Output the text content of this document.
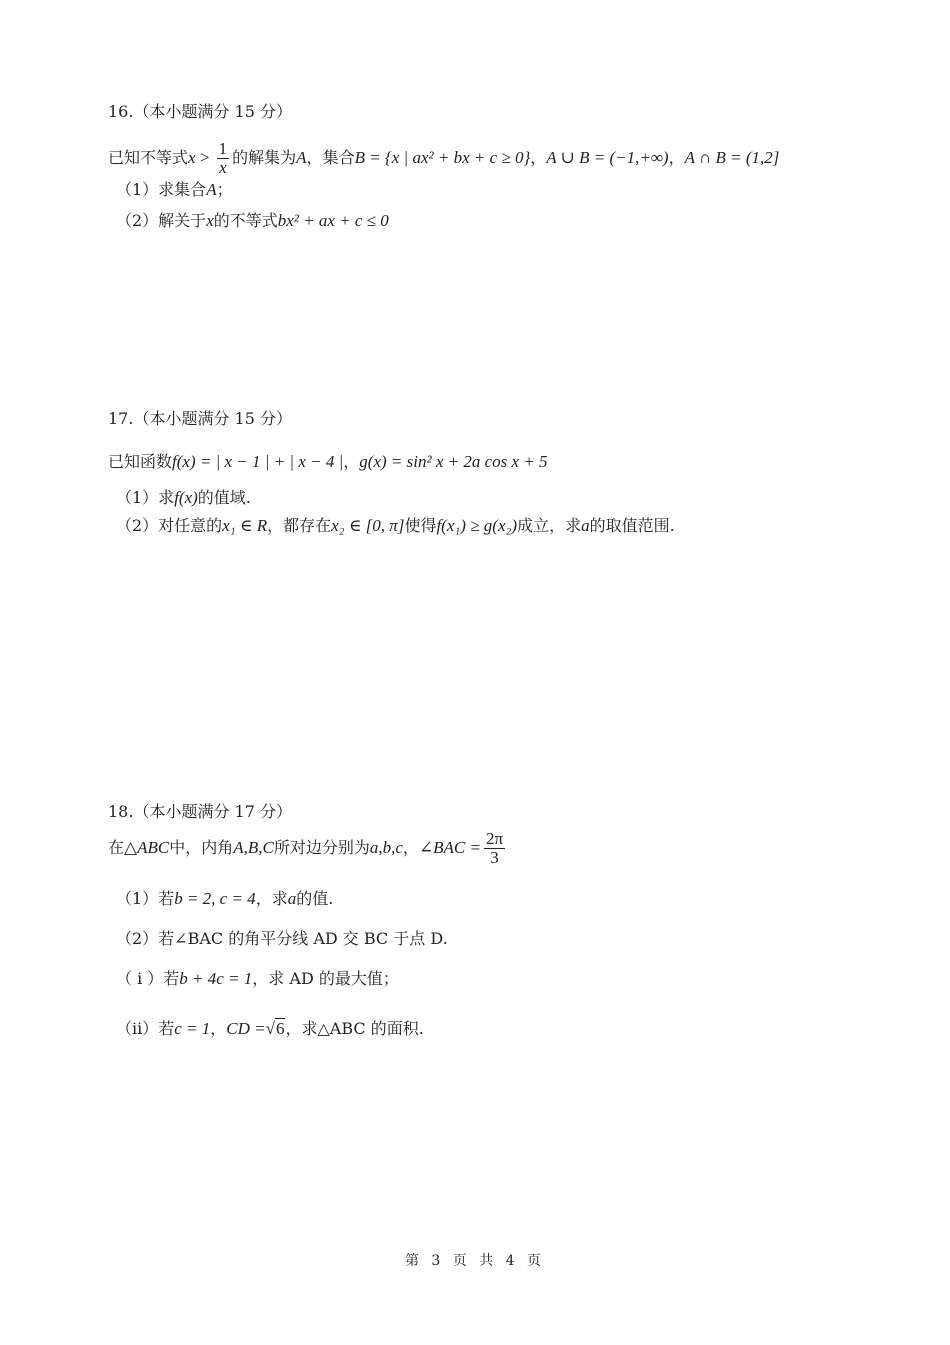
16.（本小题满分 15 分）
已知不等式$x > \frac{1}{x}$ 的解集为A，集合B = {x | ax² + bx + c ≥ 0}，A ∪ B = (−1,+∞)，A ∩ B = (1,2]
（1）求集合A；
（2）解关于x的不等式bx² + ax + c ≤ 0
17.（本小题满分 15 分）
已知函数f(x) = | x − 1 | + | x − 4 |，g(x) = sin² x + 2a cos x + 5
（1）求f(x)的值域.
（2）对任意的x₁ ∈ R，都存在x₂ ∈ [0, π]使得f(x₁) ≥ g(x₂)成立，求a的取值范围.
18.（本小题满分 17 分）
在△ABC中，内角A,B,C所对边分别为a,b,c，∠BAC = $\frac{2\pi}{3}$
（1）若b = 2, c = 4，求a的值.
（2）若∠BAC 的角平分线 AD 交 BC 于点 D.
（ i ）若b + 4c = 1，求 AD 的最大值；
（ii）若c = 1，CD =√6，求△ABC 的面积.
第 3 页 共 4 页
